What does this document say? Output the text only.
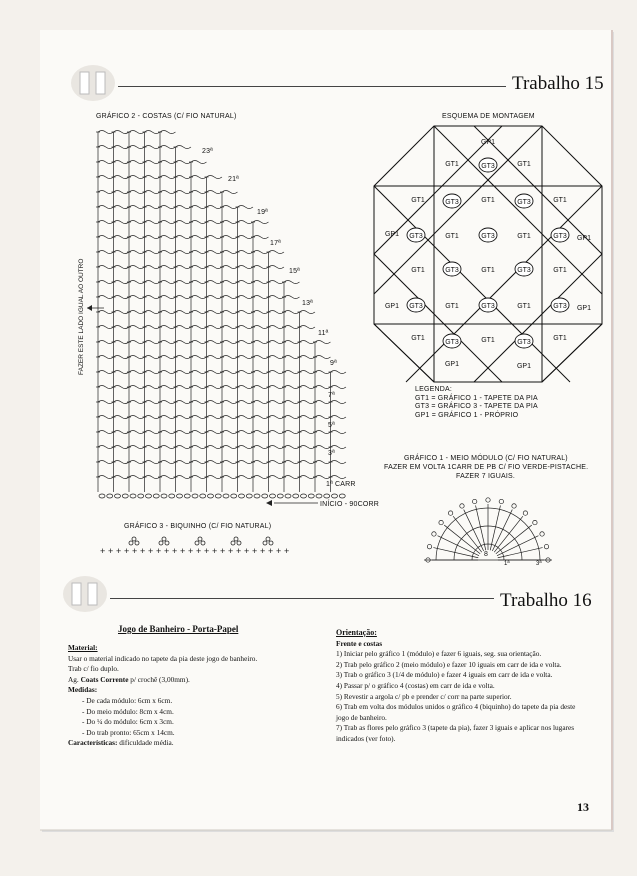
Trabalho 15
GRÁFICO 2 - COSTAS (C/ FIO NATURAL)
FAZER ESTE LADO IGUAL AO OUTRO
23ª
21ª
19ª
17ª
15ª
13ª
11ª
9ª
7ª
5ª
3ª
1ª CARR
INÍCIO - 90CORR
GRÁFICO 3 - BIQUINHO (C/ FIO NATURAL)
+ + + + + + + + + + + + + + + + + + + + + + + +
ESQUEMA DE MONTAGEM
GP1
GT1	GT1
GT3
GT1	GT3	GT1	GT3	GT1
GP1 GT3	GT1	GT3	GT1	GT3 GP1
GT1	GT3	GT1	GT3	GT1
GP1 GT3	GT1	GT3	GT1	GT3 GP1
GT1
GT3	GT1	GT3
GT1
GP1	GP1
LEGENDA:
GT1 = GRÁFICO 1 - TAPETE DA PIA
GT3 = GRÁFICO 3 - TAPETE DA PIA
GP1 = GRÁFICO 1 - PRÓPRIO
GRÁFICO 1 - MEIO MÓDULO (C/ FIO NATURAL)
FAZER EM VOLTA 1CARR DE PB C/ FIO VERDE-PISTACHE.
FAZER 7 IGUAIS.
8
1ª	3ª
Trabalho 16
Jogo de Banheiro - Porta-Papel
Material:
Usar o material indicado no tapete da pia deste jogo de banheiro.
Trab c/ fio duplo.
Ag. Coats Corrente p/ crochê (3,00mm).
Medidas:
- De cada módulo: 6cm x 6cm.
- Do meio módulo: 8cm x 4cm.
- Do ¼ do módulo: 6cm x 3cm.
- Do trab pronto: 65cm x 14cm.
Características: dificuldade média.
Orientação:
Frente e costas
1) Iniciar pelo gráfico 1 (módulo) e fazer 6 iguais, seg. sua orientação.
2) Trab pelo gráfico 2 (meio módulo) e fazer 10 iguais em carr de ida e volta.
3) Trab o gráfico 3 (1/4 de módulo) e fazer 4 iguais em carr de ida e volta.
4) Passar p/ o gráfico 4 (costas) em carr de ida e volta.
5) Revestir a argola c/ pb e prender c/ corr na parte superior.
6) Trab em volta dos módulos unidos o gráfico 4 (biquinho) do tapete da pia deste jogo de banheiro.
7) Trab as flores pelo gráfico 3 (tapete da pia), fazer 3 iguais e aplicar nos lugares indicados (ver foto).
13
